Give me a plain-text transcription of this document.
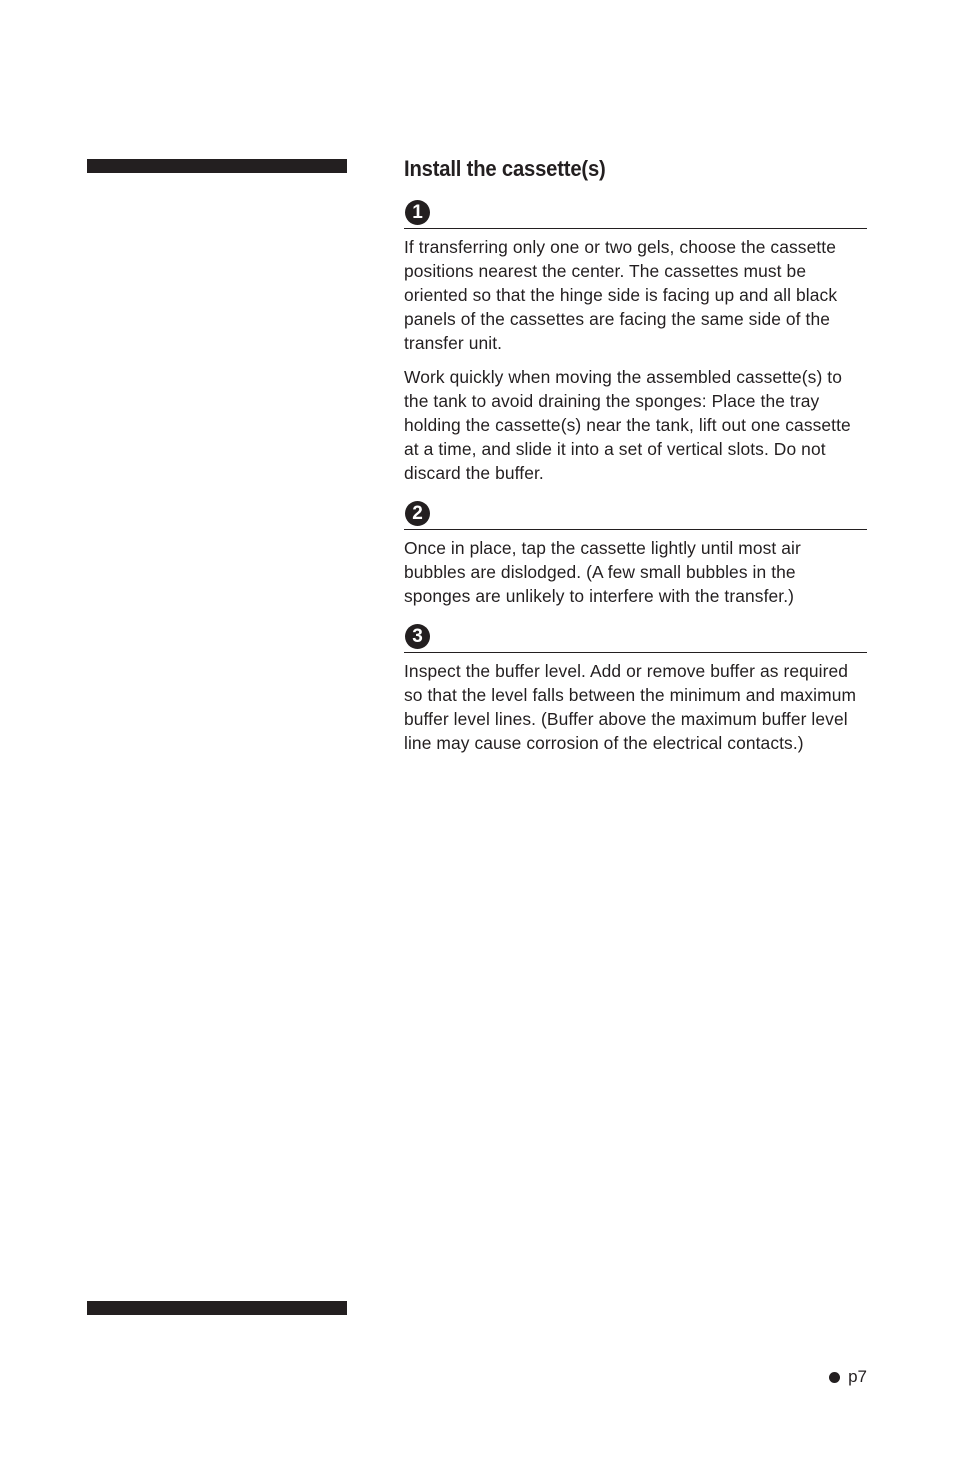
Install the cassette(s)
1

If transferring only one or two gels, choose the cassette positions nearest the center. The cassettes must be oriented so that the hinge side is facing up and all black panels of the cassettes are facing the same side of the transfer unit.

Work quickly when moving the assembled cassette(s) to the tank to avoid draining the sponges: Place the tray holding the cassette(s) near the tank, lift out one cassette at a time, and slide it into a set of vertical slots. Do not discard the buffer.

2

Once in place, tap the cassette lightly until most air bubbles are dislodged. (A few small bubbles in the sponges are unlikely to interfere with the transfer.)

3

Inspect the buffer level. Add or remove buffer as required so that the level falls between the minimum and maximum buffer level lines. (Buffer above the maximum buffer level line may cause corrosion of the electrical contacts.)

p7
